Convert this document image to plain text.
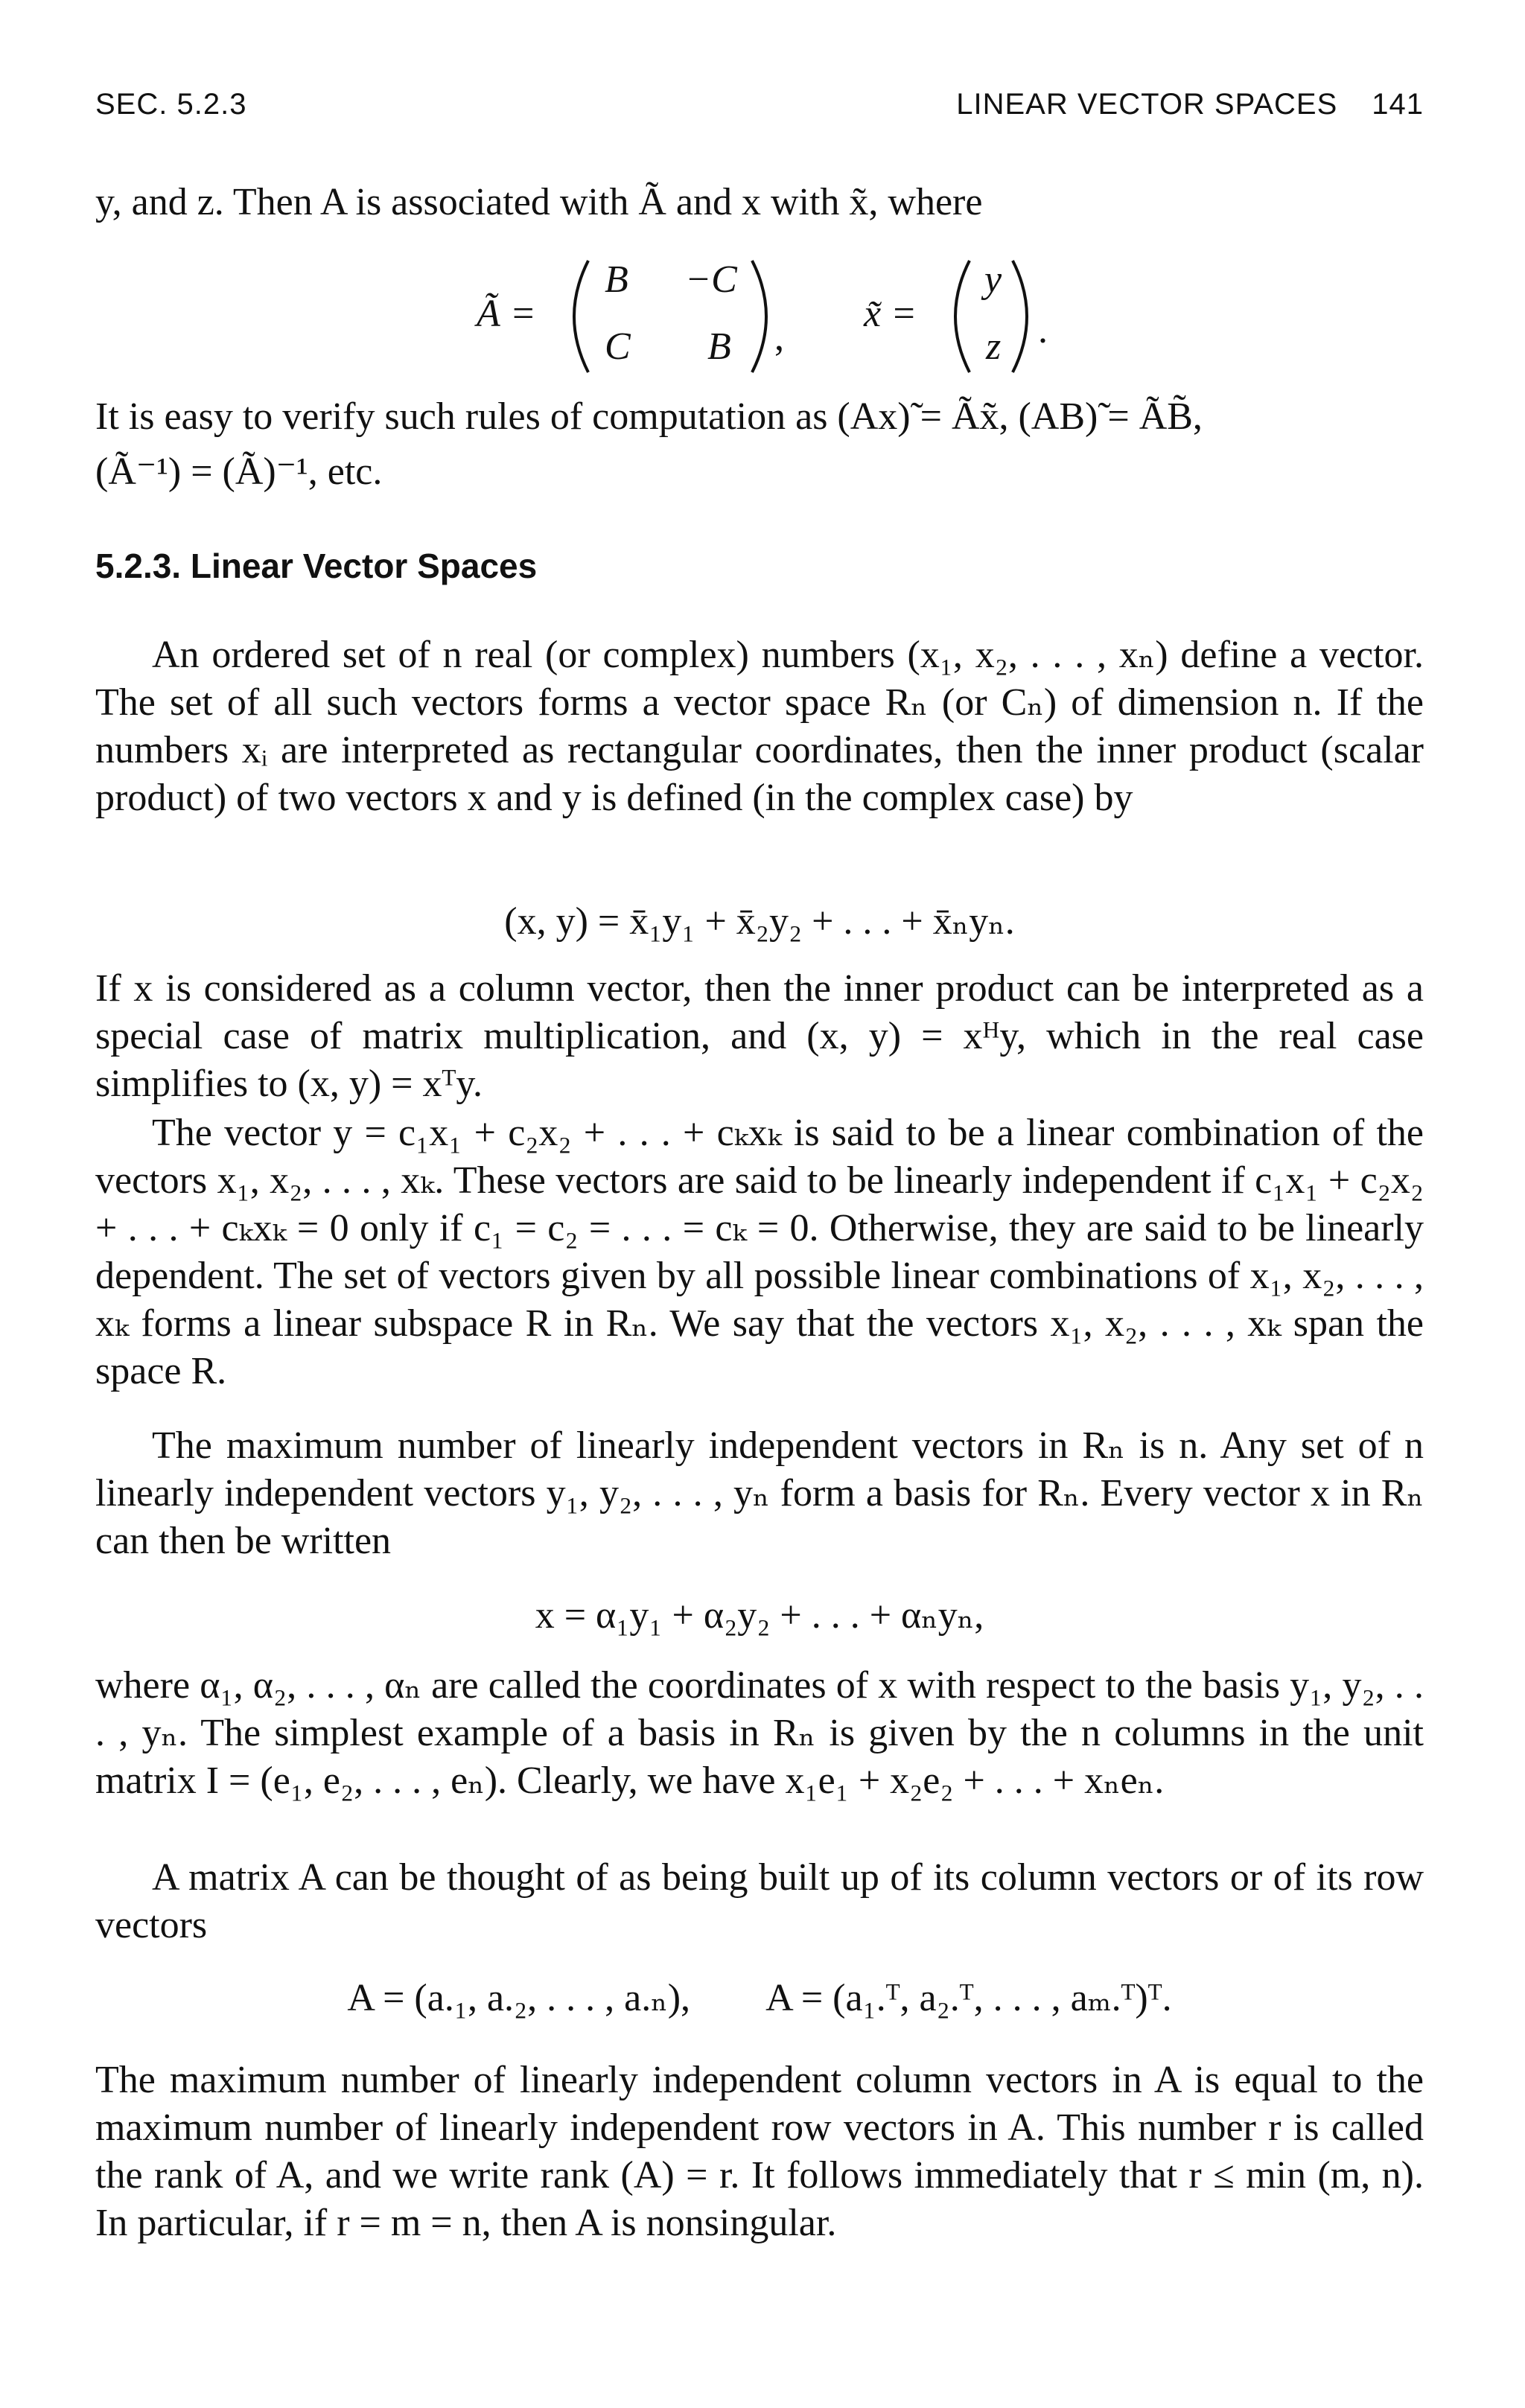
SEC. 5.2.3	LINEAR VECTOR SPACES 141
y, and z. Then A is associated with Ã and x with x̃, where
Ã =
B −C
C B ,
x̃ =
y
z .
It is easy to verify such rules of computation as (Ax)̃ = Ãx̃, (AB)̃ = ÃB̃,
(Ã⁻¹) = (Ã)⁻¹, etc.
5.2.3. Linear Vector Spaces
An ordered set of n real (or complex) numbers (x₁, x₂, . . . , xₙ) define a vector. The set of all such vectors forms a vector space Rₙ (or Cₙ) of dimension n. If the numbers xᵢ are interpreted as rectangular coordinates, then the inner product (scalar product) of two vectors x and y is defined (in the complex case) by
(x, y) = x̄₁y₁ + x̄₂y₂ + . . . + x̄ₙyₙ.
If x is considered as a column vector, then the inner product can be interpreted as a special case of matrix multiplication, and (x, y) = xᴴy, which in the real case simplifies to (x, y) = xᵀy.
The vector y = c₁x₁ + c₂x₂ + . . . + cₖxₖ is said to be a linear combination of the vectors x₁, x₂, . . . , xₖ. These vectors are said to be linearly independent if c₁x₁ + c₂x₂ + . . . + cₖxₖ = 0 only if c₁ = c₂ = . . . = cₖ = 0. Otherwise, they are said to be linearly dependent. The set of vectors given by all possible linear combinations of x₁, x₂, . . . , xₖ forms a linear subspace R in Rₙ. We say that the vectors x₁, x₂, . . . , xₖ span the space R.
The maximum number of linearly independent vectors in Rₙ is n. Any set of n linearly independent vectors y₁, y₂, . . . , yₙ form a basis for Rₙ. Every vector x in Rₙ can then be written
x = α₁y₁ + α₂y₂ + . . . + αₙyₙ,
where α₁, α₂, . . . , αₙ are called the coordinates of x with respect to the basis y₁, y₂, . . . , yₙ. The simplest example of a basis in Rₙ is given by the n columns in the unit matrix I = (e₁, e₂, . . . , eₙ). Clearly, we have x₁e₁ + x₂e₂ + . . . + xₙeₙ.
A matrix A can be thought of as being built up of its column vectors or of its row vectors
A = (a.₁, a.₂, . . . , a.ₙ),        A = (a₁.ᵀ, a₂.ᵀ, . . . , aₘ.ᵀ)ᵀ.
The maximum number of linearly independent column vectors in A is equal to the maximum number of linearly independent row vectors in A. This number r is called the rank of A, and we write rank (A) = r. It follows immediately that r ≤ min (m, n). In particular, if r = m = n, then A is nonsingular.
